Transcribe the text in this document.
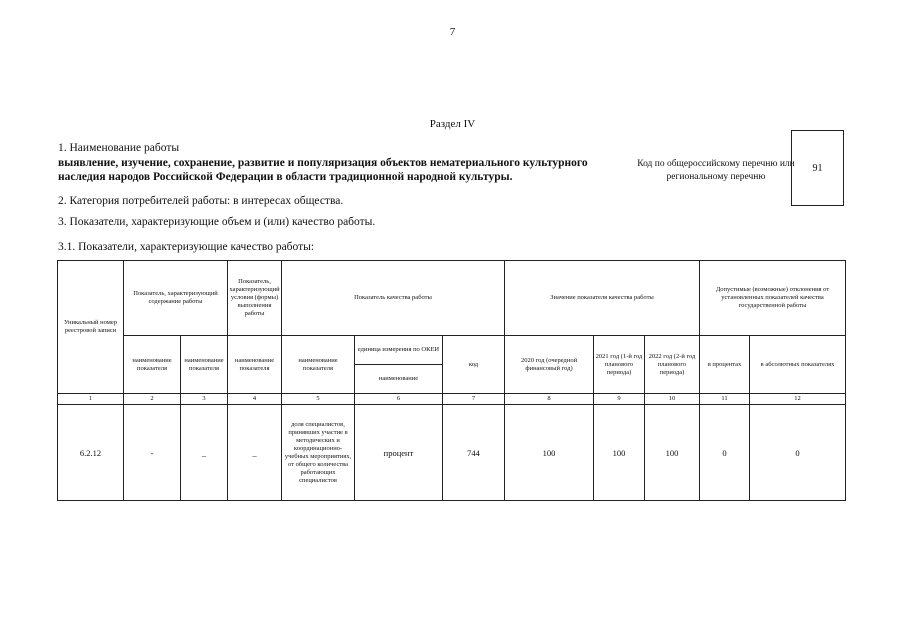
7
Раздел IV
1. Наименование работы
выявление, изучение, сохранение, развитие и популяризация объектов нематериального культурного наследия народов Российской Федерации в области традиционной народной культуры.
Код по общероссийскому перечню или региональному перечню
91
2. Категория потребителей работы: в интересах общества.
3. Показатели, характеризующие объем и (или) качество работы.
3.1. Показатели, характеризующие качество работы:
Уникальный номер реестровой записи	Показатель, характеризующий содержание работы		Показатель, характеризующий условия (формы) выполнения работы	Показатель качества работы			Значение показателя качества работы			Допустимые (возможные) отклонения от установленных показателей качества государственной работы	
	наименование показателя	наименование показателя	наименование показателя	наименование показателя	единица измерения по ОКЕИ
наименование	код	2020 год (очередной финансовый год)	2021 год (1-й год планового периода)	2022 год (2-й год планового периода)	в процентах	в абсолютных показателях
1	2	3	4	5	6	7	8	9	10	11	12
6.2.12	-	_	_	доля специалистов, принявших участие в методических и координационно-учебных мероприятиях, от общего количества работающих специалистов	процент	744	100	100	100	0	0
